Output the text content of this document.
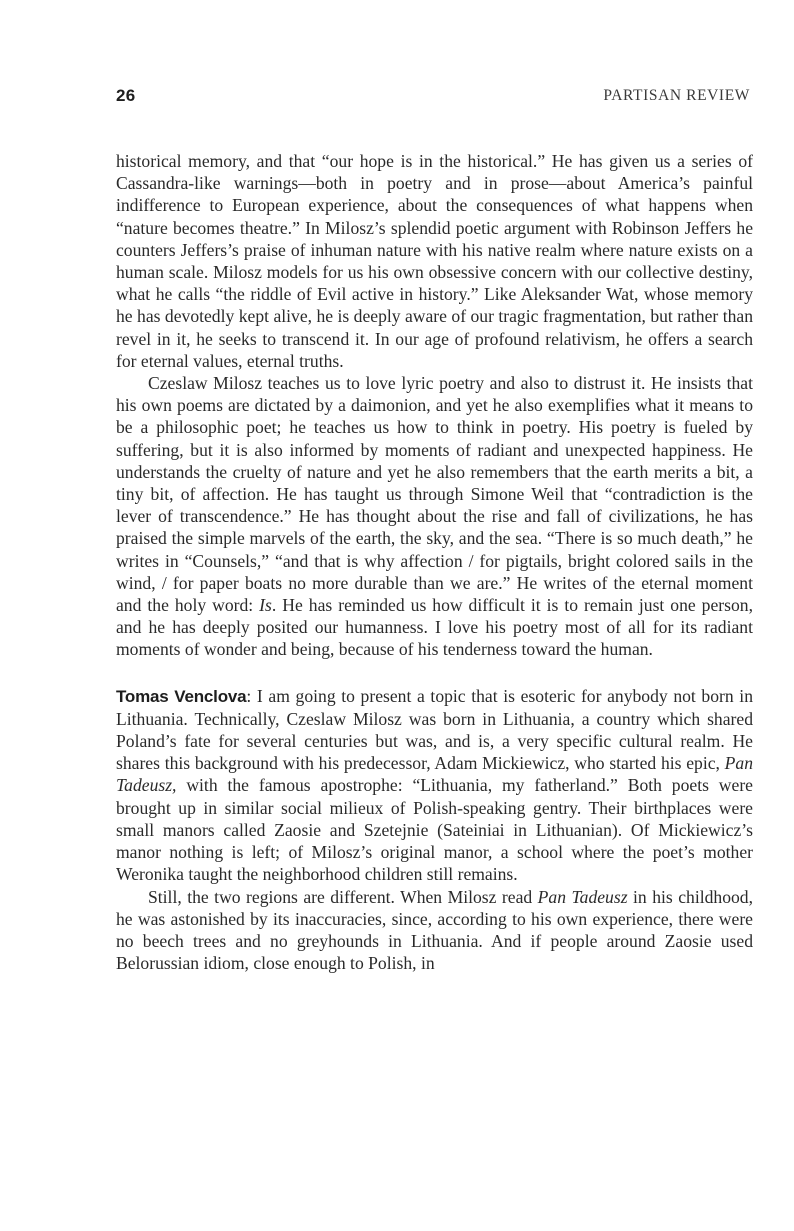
26	PARTISAN REVIEW

historical memory, and that “our hope is in the historical.” He has given us a series of Cassandra-like warnings—both in poetry and in prose—about America’s painful indifference to European experience, about the consequences of what happens when “nature becomes theatre.” In Milosz’s splendid poetic argument with Robinson Jeffers he counters Jeffers’s praise of inhuman nature with his native realm where nature exists on a human scale. Milosz models for us his own obsessive concern with our collective destiny, what he calls “the riddle of Evil active in history.” Like Aleksander Wat, whose memory he has devotedly kept alive, he is deeply aware of our tragic fragmentation, but rather than revel in it, he seeks to transcend it. In our age of profound relativism, he offers a search for eternal values, eternal truths.

Czeslaw Milosz teaches us to love lyric poetry and also to distrust it. He insists that his own poems are dictated by a daimonion, and yet he also exemplifies what it means to be a philosophic poet; he teaches us how to think in poetry. His poetry is fueled by suffering, but it is also informed by moments of radiant and unexpected happiness. He understands the cruelty of nature and yet he also remembers that the earth merits a bit, a tiny bit, of affection. He has taught us through Simone Weil that “contradiction is the lever of transcendence.” He has thought about the rise and fall of civilizations, he has praised the simple marvels of the earth, the sky, and the sea. “There is so much death,” he writes in “Counsels,” “and that is why affection / for pigtails, bright colored sails in the wind, / for paper boats no more durable than we are.” He writes of the eternal moment and the holy word: Is. He has reminded us how difficult it is to remain just one person, and he has deeply posited our humanness. I love his poetry most of all for its radiant moments of wonder and being, because of his tenderness toward the human.

Tomas Venclova: I am going to present a topic that is esoteric for anybody not born in Lithuania. Technically, Czeslaw Milosz was born in Lithuania, a country which shared Poland’s fate for several centuries but was, and is, a very specific cultural realm. He shares this background with his predecessor, Adam Mickiewicz, who started his epic, Pan Tadeusz, with the famous apostrophe: “Lithuania, my fatherland.” Both poets were brought up in similar social milieux of Polish-speaking gentry. Their birthplaces were small manors called Zaosie and Szetejnie (Sateiniai in Lithuanian). Of Mickiewicz’s manor nothing is left; of Milosz’s original manor, a school where the poet’s mother Weronika taught the neighborhood children still remains.

Still, the two regions are different. When Milosz read Pan Tadeusz in his childhood, he was astonished by its inaccuracies, since, according to his own experience, there were no beech trees and no greyhounds in Lithuania. And if people around Zaosie used Belorussian idiom, close enough to Polish, in
